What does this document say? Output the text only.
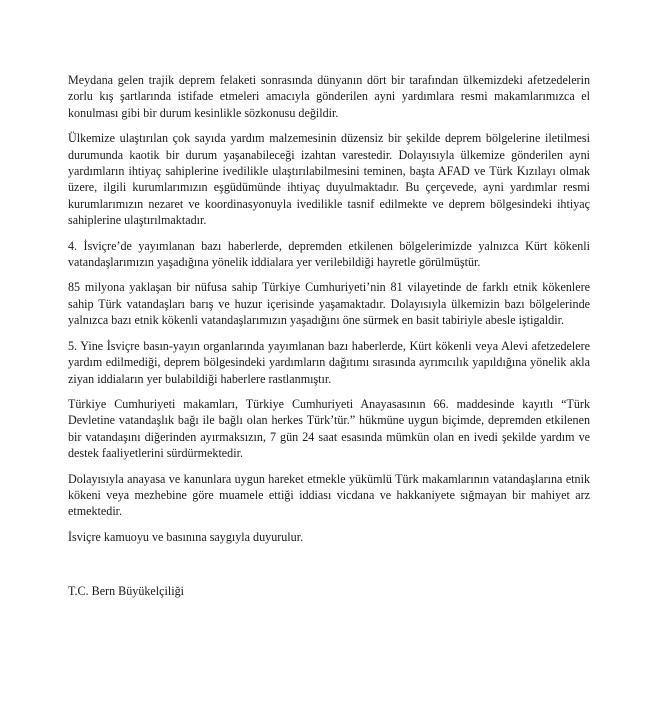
Meydana gelen trajik deprem felaketi sonrasında dünyanın dört bir tarafından ülkemizdeki afetzedelerin zorlu kış şartlarında istifade etmeleri amacıyla gönderilen ayni yardımlara resmi makamlarımızca el konulması gibi bir durum kesinlikle sözkonusu değildir.

Ülkemize ulaştırılan çok sayıda yardım malzemesinin düzensiz bir şekilde deprem bölgelerine iletilmesi durumunda kaotik bir durum yaşanabileceği izahtan varestedir. Dolayısıyla ülkemize gönderilen ayni yardımların ihtiyaç sahiplerine ivedilikle ulaştırılabilmesini teminen, başta AFAD ve Türk Kızılayı olmak üzere, ilgili kurumlarımızın eşgüdümünde ihtiyaç duyulmaktadır. Bu çerçevede, ayni yardımlar resmi kurumlarımızın nezaret ve koordinasyonuyla ivedilikle tasnif edilmekte ve deprem bölgesindeki ihtiyaç sahiplerine ulaştırılmaktadır.

4. İsviçre’de yayımlanan bazı haberlerde, depremden etkilenen bölgelerimizde yalnızca Kürt kökenli vatandaşlarımızın yaşadığına yönelik iddialara yer verilebildiği hayretle görülmüştür.

85 milyona yaklaşan bir nüfusa sahip Türkiye Cumhuriyeti’nin 81 vilayetinde de farklı etnik kökenlere sahip Türk vatandaşları barış ve huzur içerisinde yaşamaktadır. Dolayısıyla ülkemizin bazı bölgelerinde yalnızca bazı etnik kökenli vatandaşlarımızın yaşadığını öne sürmek en basit tabiriyle abesle iştigaldir.

5. Yine İsviçre basın-yayın organlarında yayımlanan bazı haberlerde, Kürt kökenli veya Alevi afetzedelere yardım edilmediği, deprem bölgesindeki yardımların dağıtımı sırasında ayrımcılık yapıldığına yönelik akla ziyan iddiaların yer bulabildiği haberlere rastlanmıştır.

Türkiye Cumhuriyeti makamları, Türkiye Cumhuriyeti Anayasasının 66. maddesinde kayıtlı “Türk Devletine vatandaşlık bağı ile bağlı olan herkes Türk’tür.” hükmüne uygun biçimde, depremden etkilenen bir vatandaşını diğerinden ayırmaksızın, 7 gün 24 saat esasında mümkün olan en ivedi şekilde yardım ve destek faaliyetlerini sürdürmektedir.

Dolayısıyla anayasa ve kanunlara uygun hareket etmekle yükümlü Türk makamlarının vatandaşlarına etnik kökeni veya mezhebine göre muamele ettiği iddiası vicdana ve hakkaniyete sığmayan bir mahiyet arz etmektedir.

İsviçre kamuoyu ve basınına saygıyla duyurulur.

T.C. Bern Büyükelçiliği
